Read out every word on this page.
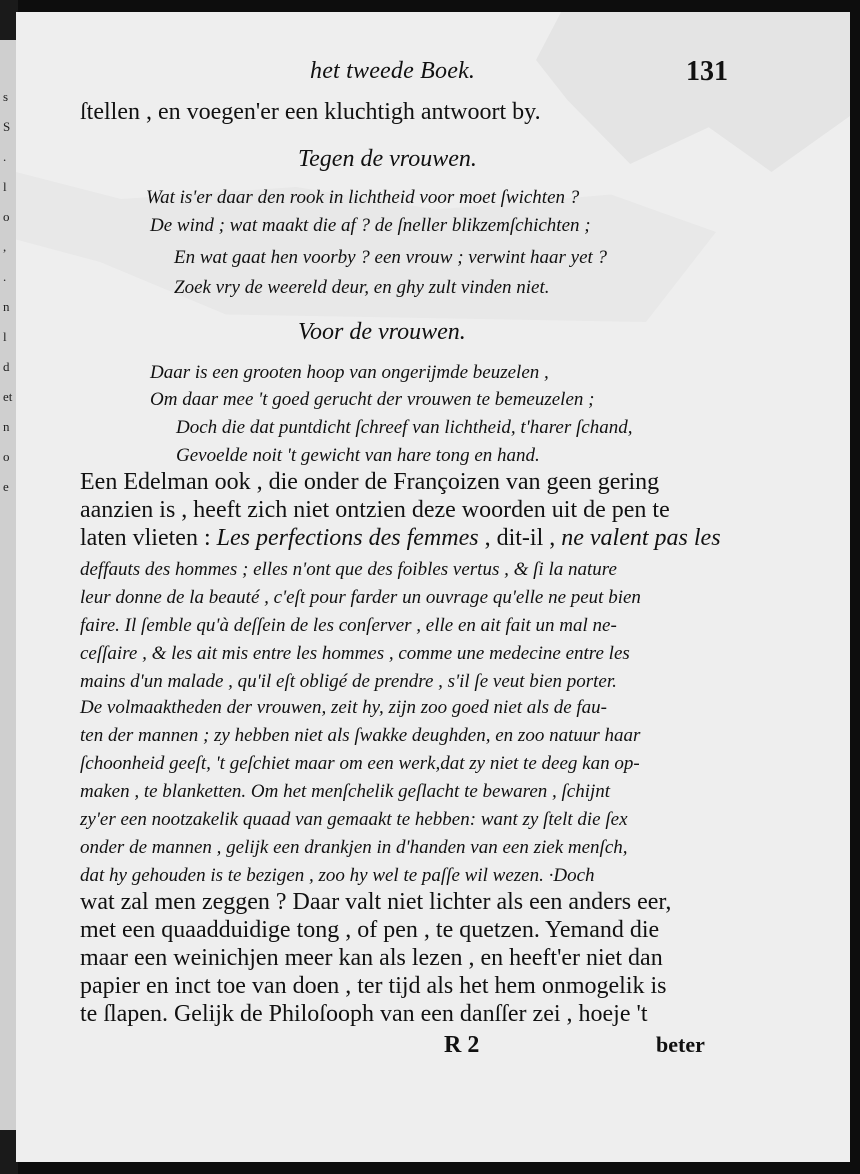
s
S
.
l
o
,
.
n
l
d
et
n
o
e
het tweede Boek.	131
ſtellen , en voegen'er een kluchtigh antwoort by.
Tegen de vrouwen.
Wat is'er daar den rook in lichtheid voor moet ſwichten ?
De wind ; wat maakt die af ? de ſneller blikzemſchichten ;
En wat gaat hen voorby ? een vrouw ; verwint haar yet ?
Zoek vry de weereld deur, en ghy zult vinden niet.
Voor de vrouwen.
Daar is een grooten hoop van ongerijmde beuzelen ,
Om daar mee 't goed gerucht der vrouwen te bemeuzelen ;
Doch die dat puntdicht ſchreef van lichtheid, t'harer ſchand,
Gevoelde noit 't gewicht van hare tong en hand.
Een Edelman ook , die onder de Françoizen van geen gering
aanzien is , heeft zich niet ontzien deze woorden uit de pen te
laten vlieten : Les perfections des femmes , dit-il , ne valent pas les
deffauts des hommes ; elles n'ont que des foibles vertus , & ſi la nature
leur donne de la beauté , c'eſt pour farder un ouvrage qu'elle ne peut bien
faire. Il ſemble qu'à deſſein de les conſerver , elle en ait fait un mal ne-
ceſſaire , & les ait mis entre les hommes , comme une medecine entre les
mains d'un malade , qu'il eſt obligé de prendre , s'il ſe veut bien porter.
De volmaaktheden der vrouwen, zeit hy, zijn zoo goed niet als de fau-
ten der mannen ; zy hebben niet als ſwakke deughden, en zoo natuur haar
ſchoonheid geeſt, 't geſchiet maar om een werk,dat zy niet te deeg kan op-
maken , te blanketten. Om het menſchelik geſlacht te bewaren , ſchijnt
zy'er een nootzakelik quaad van gemaakt te hebben: want zy ſtelt die ſex
onder de mannen , gelijk een drankjen in d'handen van een ziek menſch,
dat hy gehouden is te bezigen , zoo hy wel te paſſe wil wezen. ·Doch
wat zal men zeggen ? Daar valt niet lichter als een anders eer,
met een quaadduidige tong , of pen , te quetzen. Yemand die
maar een weinichjen meer kan als lezen , en heeft'er niet dan
papier en inct toe van doen , ter tijd als het hem onmogelik is
te ſlapen. Gelijk de Philoſooph van een danſſer zei , hoeje 't
R 2	beter
